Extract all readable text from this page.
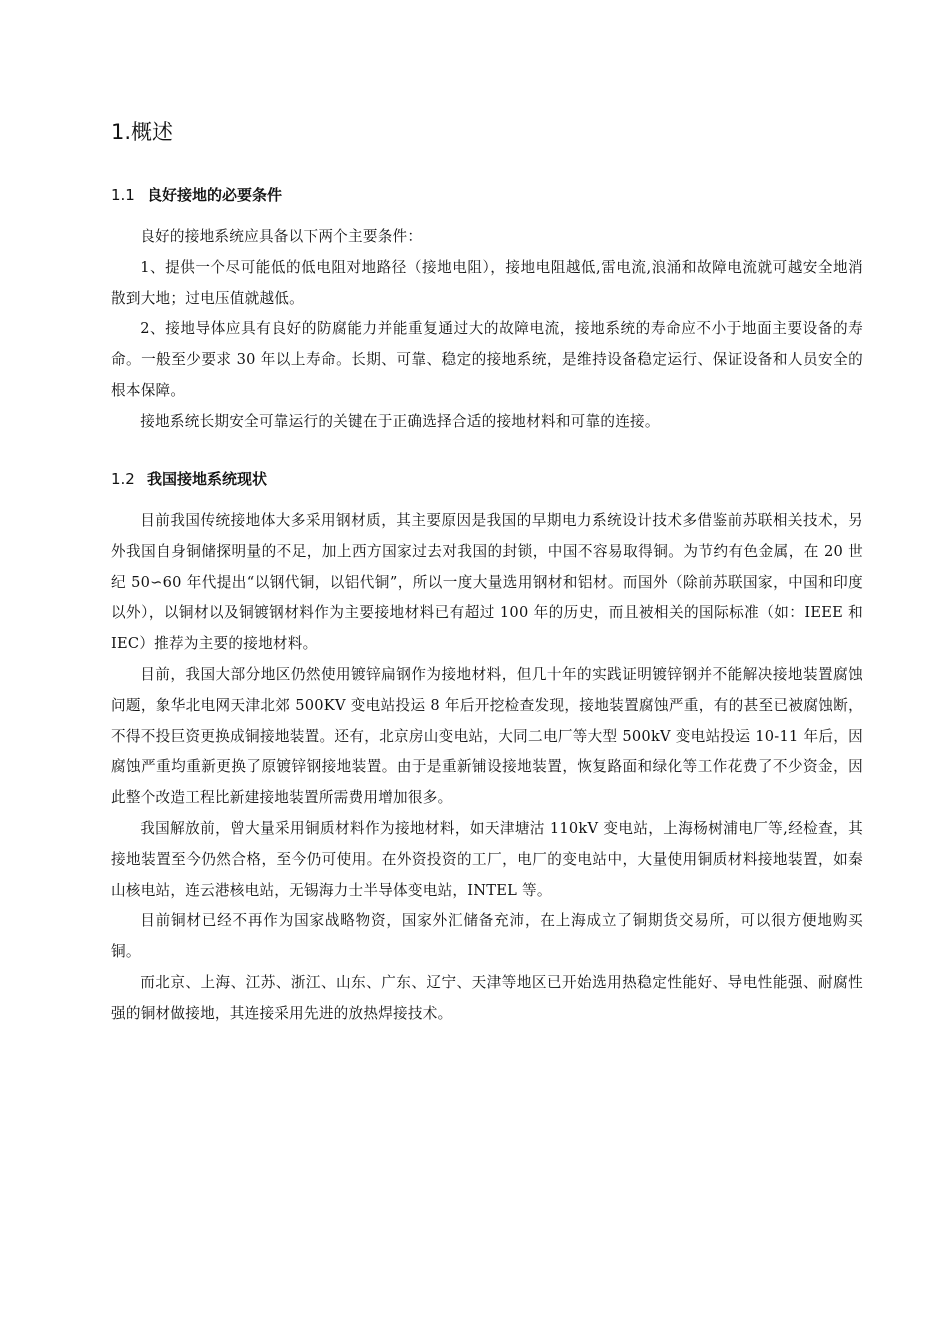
1.概述
1.1 良好接地的必要条件

良好的接地系统应具备以下两个主要条件：

1、提供一个尽可能低的低电阻对地路径（接地电阻），接地电阻越低,雷电流,浪涌和故障电流就可越安全地消散到大地；过电压值就越低。

2、接地导体应具有良好的防腐能力并能重复通过大的故障电流，接地系统的寿命应不小于地面主要设备的寿命。一般至少要求 30 年以上寿命。长期、可靠、稳定的接地系统，是维持设备稳定运行、保证设备和人员安全的根本保障。

接地系统长期安全可靠运行的关键在于正确选择合适的接地材料和可靠的连接。

1.2 我国接地系统现状

目前我国传统接地体大多采用钢材质，其主要原因是我国的早期电力系统设计技术多借鉴前苏联相关技术，另外我国自身铜储探明量的不足，加上西方国家过去对我国的封锁，中国不容易取得铜。为节约有色金属，在 20 世纪 50∽60 年代提出“以钢代铜，以铝代铜”，所以一度大量选用钢材和铝材。而国外（除前苏联国家，中国和印度以外），以铜材以及铜镀钢材料作为主要接地材料已有超过 100 年的历史，而且被相关的国际标准（如：IEEE 和 IEC）推荐为主要的接地材料。

目前，我国大部分地区仍然使用镀锌扁钢作为接地材料，但几十年的实践证明镀锌钢并不能解决接地装置腐蚀问题，象华北电网天津北郊 500KV 变电站投运 8 年后开挖检查发现，接地装置腐蚀严重，有的甚至已被腐蚀断，不得不投巨资更换成铜接地装置。还有，北京房山变电站，大同二电厂等大型 500kV 变电站投运 10-11 年后，因腐蚀严重均重新更换了原镀锌钢接地装置。由于是重新铺设接地装置，恢复路面和绿化等工作花费了不少资金，因此整个改造工程比新建接地装置所需费用增加很多。

我国解放前，曾大量采用铜质材料作为接地材料，如天津塘沽 110kV 变电站，上海杨树浦电厂等,经检查，其接地装置至今仍然合格，至今仍可使用。在外资投资的工厂，电厂的变电站中，大量使用铜质材料接地装置，如秦山核电站，连云港核电站，无锡海力士半导体变电站，INTEL 等。

目前铜材已经不再作为国家战略物资，国家外汇储备充沛，在上海成立了铜期货交易所，可以很方便地购买铜。

而北京、上海、江苏、浙江、山东、广东、辽宁、天津等地区已开始选用热稳定性能好、导电性能强、耐腐性强的铜材做接地，其连接采用先进的放热焊接技术。
